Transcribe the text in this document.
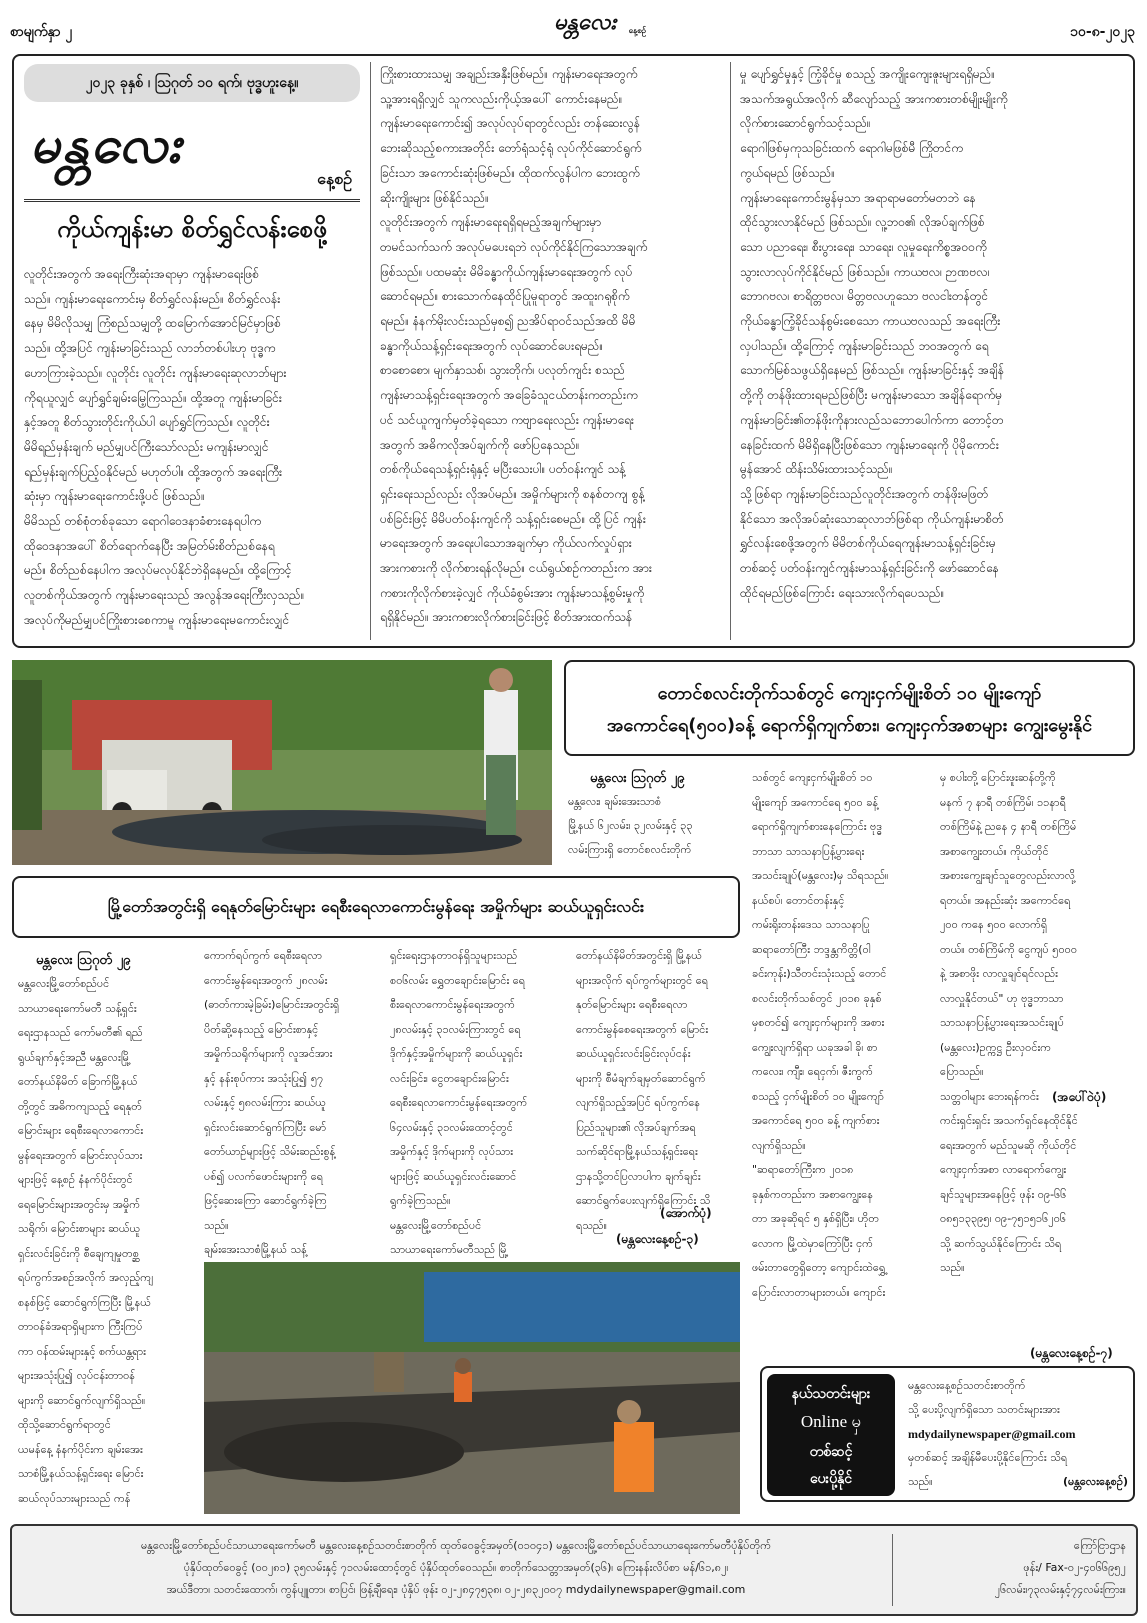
စာမျက်နှာ ၂	မန္တလေး နေ့စဉ်	၁၀-၈-၂၀၂၃
၂၀၂၃ ခုနှစ် ၊ ဩဂုတ် ၁၀ ရက်၊ ဗုဒ္ဓဟူးနေ့။
မန္တလေး
နေ့စဉ်
ကိုယ်ကျန်းမာ စိတ်ရွှင်လန်းစေဖို့

လူတိုင်းအတွက် အရေးကြီးဆုံးအရာမှာ ကျန်းမာရေးဖြစ်

သည်။ ကျန်းမာရေးကောင်းမှ စိတ်ရွှင်လန်းမည်။ စိတ်ရွှင်လန်း

နေမှ မိမိလိုသမျှ ကြံစည်သမျှတို့ ထမြောက်အောင်မြင်မှာဖြစ်

သည်။ ထို့အပြင် ကျန်းမာခြင်းသည် လာဘ်တစ်ပါးဟု ဗုဒ္ဓက

ဟောကြားခဲ့သည်။ လူတိုင်း လူတိုင်း ကျန်းမာရေးဆုလာဘ်များ

ကိုရယူလျှင် ပျော်ရွှင်ချမ်းမြေ့ကြသည်။ ထို့အတူ ကျန်းမာခြင်း

နှင့်အတူ စိတ်သွားတိုင်းကိုယ်ပါ ပျော်ရွှင်ကြသည်။ လူတိုင်း

မိမိရည်မှန်းချက် မည်မျှပင်ကြီးသော်လည်း မကျန်းမာလျှင်

ရည်မှန်းချက်ပြည့်ဝနိုင်မည် မဟုတ်ပါ။ ထို့အတွက် အရေးကြီး

ဆုံးမှာ ကျန်းမာရေးကောင်းဖို့ပင် ဖြစ်သည်။

မိမိသည် တစ်စုံတစ်ခုသော ရောဂါဝေဒနာခံစားနေရပါက

ထိုဝေဒနာအပေါ် စိတ်ရောက်နေပြီး အမြတ်မ်းစိတ်ညစ်နေရ

မည်။ စိတ်ညစ်နေပါက အလုပ်မလုပ်နိုင်ဘဲရှိနေမည်။ ထို့ကြောင့်

လူတစ်ကိုယ်အတွက် ကျန်းမာရေးသည် အလွန်အရေးကြီးလှသည်။

အလုပ်ကိုမည်မျှပင်ကြိုးစားစေကာမူ ကျန်းမာရေးမကောင်းလျှင်

ကြိုးစားထားသမျှ အချည်းအနှီးဖြစ်မည်။ ကျန်းမာရေးအတွက်

သူ့အားရရှိလျှင် သူကလည်းကိုယ့်အပေါ် ကောင်းနေမည်။

ကျန်းမာရေးကောင်း၍ အလုပ်လုပ်ရာတွင်လည်း တန်ဆေးလွန်

ဘေးဆိုသည့်စကားအတိုင်း တော်ရုံသင့်ရုံ လုပ်ကိုင်ဆောင်ရွက်

ခြင်းသာ အကောင်းဆုံးဖြစ်မည်။ ထိုထက်လွန်ပါက ဘေးထွက်

ဆိုးကျိုးများ ဖြစ်နိုင်သည်။

လူတိုင်းအတွက် ကျန်းမာရေးရရှိရမည့်အချက်များမှာ

တမင်သက်သက် အလုပ်မပေးရဘဲ လုပ်ကိုင်နိုင်ကြသောအချက်

ဖြစ်သည်။ ပထမဆုံး မိမိခန္ဓာကိုယ်ကျန်းမာရေးအတွက် လုပ်

ဆောင်ရမည်။ စားသောက်နေထိုင်ပြုမူရာတွင် အထူးဂရုစိုက်

ရမည်။ နံနက်မိုးလင်းသည်မှစ၍ ညအိပ်ရာဝင်သည်အထိ မိမိ

ခန္ဓာကိုယ်သန့်ရှင်းရေးအတွက် လုပ်ဆောင်ပေးရမည်။

စာစောစော၊ မျက်နှာသစ်၊ သွားတိုက်၊ ပလုတ်ကျင်း စသည်

ကျန်းမာသန့်ရှင်းရေးအတွက် အခြေခံသူငယ်တန်းကတည်းက

ပင် သင်ယူကျက်မှတ်ခဲ့ရသော ကဗျာရေးလည်း ကျန်းမာရေး

အတွက် အဓိကလိုအပ်ချက်ကို ဖော်ပြနေသည်။

တစ်ကိုယ်ရေသန့်ရှင်းရုံနှင့် မပြီးသေးပါ။ ပတ်ဝန်းကျင် သန့်

ရှင်းရေးသည်လည်း လိုအပ်မည်။ အမှိုက်များကို စနစ်တကျ စွန့်

ပစ်ခြင်းဖြင့် မိမိပတ်ဝန်းကျင်ကို သန့်ရှင်းစေမည်။ ထို့ပြင် ကျန်း

မာရေးအတွက် အရေးပါသောအချက်မှာ ကိုယ်လက်လှုပ်ရှား

အားကစားကို လိုက်စားရန်လိုမည်။ ငယ်ရွယ်စဉ်ကတည်းက အား

ကစားကိုလိုက်စားခဲ့လျှင် ကိုယ်ခံစွမ်းအား ကျန်းမာသန့်စွမ်းမှုကို

ရရှိနိုင်မည်။ အားကစားလိုက်စားခြင်းဖြင့် စိတ်အားထက်သန်

မှု ပျော်ရွှင်မှုနှင့် ကြံ့ခိုင်မှု စသည့် အကျိုးကျေးဇူးများရရှိမည်။

အသက်အရွယ်အလိုက် ဆီလျော်သည့် အားကစားတစ်မျိုးမျိုးကို

လိုက်စားဆောင်ရွက်သင့်သည်။

ရောဂါဖြစ်မှကုသခြင်းထက် ရောဂါမဖြစ်မီ ကြိုတင်က

ကွယ်ရမည် ဖြစ်သည်။

ကျန်းမာရေးကောင်းမွန်မှသာ အရာရာမတော်မတဘဲ နေ

ထိုင်သွားလာနိုင်မည် ဖြစ်သည်။ လူ့ဘဝ၏ လိုအပ်ချက်ဖြစ်

သော ပညာရေး၊ စီးပွားရေး၊ သာရေး၊ လူမှုရေးကိစ္စအဝဝကို

သွားလာလုပ်ကိုင်နိုင်မည် ဖြစ်သည်။ ကာယဗလ၊ ဉာဏဗလ၊

ဘောဂဗလ၊ စာရိတ္တဗလ၊ မိတ္တဗလဟူသော ဗလငါးတန်တွင်

ကိုယ်ခန္ဓာကြံ့ခိုင်သန်စွမ်းစေသော ကာယဗလသည် အရေးကြီး

လှပါသည်။ ထို့ကြောင့် ကျန်းမာခြင်းသည် ဘဝအတွက် ရေ

သောက်မြစ်သဖွယ်ရှိနေမည် ဖြစ်သည်။ ကျန်းမာခြင်းနှင့် အချိန်

တို့ကို တန်ဖိုးထားရမည်ဖြစ်ပြီး မကျန်းမာသော အချိန်ရောက်မှ

ကျန်းမာခြင်း၏တန်ဖိုးကိုနားလည်သဘောပေါက်ကာ တောင့်တ

နေခြင်းထက် မိမိရှိနေပြီးဖြစ်သော ကျန်းမာရေးကို ပိုမိုကောင်း

မွန်အောင် ထိန်းသိမ်းထားသင့်သည်။

သို့ဖြစ်ရာ ကျန်းမာခြင်းသည်လူတိုင်းအတွက် တန်ဖိုးမဖြတ်

နိုင်သော အလိုအပ်ဆုံးသောဆုလာဘ်ဖြစ်ရာ ကိုယ်ကျန်းမာစိတ်

ရွှင်လန်းစေဖို့အတွက် မိမိတစ်ကိုယ်ရေကျန်းမာသန့်ရှင်းခြင်းမှ

တစ်ဆင့် ပတ်ဝန်းကျင်ကျန်းမာသန့်ရှင်းခြင်းကို ဖော်ဆောင်နေ

ထိုင်ရမည်ဖြစ်ကြောင်း ရေးသားလိုက်ရပေသည်။

တောင်စလင်းတိုက်သစ်တွင် ကျေးငှက်မျိုးစိတ် ၁၀ မျိုးကျော်
အကောင်ရေ(၅၀၀)ခန့် ရောက်ရှိကျက်စား၊ ကျေးငှက်အစာများ ကျွေးမွေးနိုင်
မန္တလေး ဩဂုတ် ၂၉

မန္တလေး၊ ချမ်းအေးသာစံ

မြို့နယ် ၆၂လမ်း၊ ၃၂လမ်းနှင့် ၃၃

လမ်းကြားရှိ တောင်စလင်းတိုက်

သစ်တွင် ကျေးငှက်မျိုးစိတ် ၁၀

မျိုးကျော် အကောင်ရေ ၅၀၀ ခန့်

ရောက်ရှိကျက်စားနေကြောင်း ဗုဒ္ဓ

ဘာသာ သာသနာပြန့်ပွားရေး

အသင်းချုပ်(မန္တလေး)မှ သိရသည်။

နယ်စပ်၊ တောင်တန်းနှင့်

ကမ်းရိုးတန်းဒေသ သာသနာပြု

ဆရာတော်ကြီး ဘဒ္ဒန္တကိတ္တိ(ဝါ

ခင်းကုန်း)သီတင်းသုံးသည့် တောင်

စလင်းတိုက်သစ်တွင် ၂၀၁၈ ခုနှစ်

မှစတင်၍ ကျေးငှက်များကို အစား

ကျွေးလျက်ရှိရာ ယခုအခါ ခို၊ စာ

ကလေး၊ ကျီး၊ ရေငှက်၊ ဇီးကွက်

စသည့် ငှက်မျိုးစိတ် ၁၀ မျိုးကျော်

အကောင်ရေ ၅၀၀ ခန့် ကျက်စား

လျက်ရှိသည်။

"ဆရာတော်ကြီးက ၂၀၁၈

ခုနှစ်ကတည်းက အစာကျွေးနေ

တာ အခုဆိုရင် ၅ နှစ်ရှိပြီး၊ ဟိုတ

လောက မြို့ထဲမှာကြော်ပြီး ငှက်

ဖမ်းတာတွေရှိတော့ ကျောင်းထဲရွှေ့

ပြောင်းလာတာများတယ်။ ကျောင်း

မှ စပါးတို့ ပြောင်းဖူးဆန်တို့ကို

မနက် ၇ နာရီ တစ်ကြိမ်၊ ၁၁နာရီ

တစ်ကြိမ်နဲ့ ညနေ ၄ နာရီ တစ်ကြိမ်

အစာကျွေးတယ်။ ကိုယ်တိုင်

အစားကျွေးချင်သူတွေလည်းလာလို့

ရတယ်။ အနည်းဆုံး အကောင်ရေ

၂၀၀ ကနေ ၅၀၀ လောက်ရှိ

တယ်။ တစ်ကြိမ်ကို ငွေကျပ် ၅၀၀၀

နဲ့ အစာဖိုး လာလှူချင်ရင်လည်း

လာလှူနိုင်တယ်" ဟု ဗုဒ္ဓဘာသာ

သာသနာပြန့်ပွားရေးအသင်းချုပ်

(မန္တလေး)ဥက္ကဋ္ဌ ဦးလှဝင်းက

ပြောသည်။

သတ္တဝါများ ဘေးရန်ကင်း

ကင်းရှင်းရှင်း အသက်ရှင်နေထိုင်နိုင်

ရေးအတွက် မည်သူမဆို ကိုယ်တိုင်

ကျေးငှက်အစာ လာရောက်ကျွေး

ချင်သူများအနေဖြင့် ဖုန်း ၀၉-၆၆

၀၈၅၁၃၃၉၅၊ ၀၉-၇၅၁၅၁၆၂၀၆

သို့ ဆက်သွယ်နိုင်ကြောင်း သိရ

သည်။

(အပေါ်ဝဲပုံ)
(မန္တလေးနေ့စဉ်-၇)
မြို့တော်အတွင်းရှိ ရေနုတ်မြောင်းများ ရေစီးရေလာကောင်းမွန်ရေး အမှိုက်များ ဆယ်ယူရှင်းလင်း
မန္တလေး ဩဂုတ် ၂၉

မန္တလေးမြို့တော်စည်ပင်

သာယာရေးကော်မတီ သန့်ရှင်း

ရေးဌာနသည် ကော်မတီ၏ ရည်

ရွယ်ချက်နှင့်အညီ မန္တလေးမြို့

တော်နယ်နိမိတ် ခြောက်မြို့နယ်

တို့တွင် အဓိကကျသည့် ရေနုတ်

မြောင်းများ ရေစီးရေလာကောင်း

မွန်ရေးအတွက် မြောင်းလုပ်သား

များဖြင့် နေ့စဉ် နံနက်ပိုင်းတွင်

ရေမြောင်းများအတွင်းမှ အမှိုက်

သရိုက်၊ မြောင်းစာများ ဆယ်ယူ

ရှင်းလင်းခြင်းကို စီချေကျမှုတစ္ဆ

ရပ်ကွက်အစဉ်အလိုက် အလှည့်ကျ

စနစ်ဖြင့် ဆောင်ရွက်ကြပြီး မြို့နယ်

တာဝန်ခံအရာရှိများက ကြီးကြပ်

ကာ ဝန်ထမ်းများနှင့် စက်ယန္တရား

များအသုံးပြု၍ လုပ်ငန်းတာဝန်

များကို ဆောင်ရွက်လျက်ရှိသည်။

ထိုသို့ဆောင်ရွက်ရာတွင်

ယမန်နေ့ နံနက်ပိုင်းက ချမ်းအေး

သာစံမြို့နယ်သန့်ရှင်းရေး မြောင်း

ဆယ်လုပ်သားများသည် ကန်

ကောက်ရပ်ကွက် ရေစီးရေလာ

ကောင်းမွန်ရေးအတွက် ၂၈လမ်း

(ဓာတ်ကားမဲ့ခြမ်း)မြောင်းအတွင်းရှိ

ပိတ်ဆို့နေသည့် မြောင်းစာနှင့်

အမှိုက်သရိုက်များကို လူအင်အား

နှင့် နန်းစုပ်ကား အသုံးပြု၍ ၅၇

လမ်းနှင့် ၅၈လမ်းကြား ဆယ်ယူ

ရှင်းလင်းဆောင်ရွက်ကြပြီး မော်

တော်ယာဉ်များဖြင့် သိမ်းဆည်းစွန့်

ပစ်၍ ပလက်ဖောင်းများကို ရေ

ဖြင့်ဆေးကြော ဆောင်ရွက်ခဲ့ကြ

သည်။

ချမ်းအေးသာစံမြို့နယ် သန့်

ရှင်းရေးဌာနတာဝန်ရှိသူများသည်

စဝ၆လမ်း ရွှေတချောင်းမြောင်း ရေ

စီးရေလာကောင်းမွန်ရေးအတွက်

၂၈လမ်းနှင့် ၃၁လမ်းကြားတွင် ရေ

ဒိုက်နှင့်အမှိုက်များကို ဆယ်ယူရှင်း

လင်းခြင်း၊ ငွေတချောင်းမြောင်း

ရေစီးရေလာကောင်းမွန်ရေးအတွက်

၆၄လမ်းနှင့် ၃၁လမ်းထောင့်တွင်

အမှိုက်နှင့် ဒိုက်များကို လုပ်သား

များဖြင့် ဆယ်ယူရှင်းလင်းဆောင်

ရွက်ခဲ့ကြသည်။

မန္တလေးမြို့တော်စည်ပင်

သာယာရေးကော်မတီသည် မြို့

တော်နယ်နိမိတ်အတွင်းရှိ မြို့နယ်

များအလိုက် ရပ်ကွက်များတွင် ရေ

နုတ်မြောင်းများ ရေစီးရေလာ

ကောင်းမွန်စေရေးအတွက် မြောင်း

ဆယ်ယူရှင်းလင်းခြင်းလုပ်ငန်း

များကို စီမံချက်ချမှတ်ဆောင်ရွက်

လျက်ရှိသည့်အပြင် ရပ်ကွက်နေ

ပြည်သူများ၏ လိုအပ်ချက်အရ

သက်ဆိုင်ရာမြို့နယ်သန့်ရှင်းရေး

ဌာနသို့တင်ပြလာပါက ချက်ချင်း

ဆောင်ရွက်ပေးလျက်ရှိကြောင်း သိ

ရသည်။

(အောက်ပုံ)
(မန္တလေးနေ့စဉ်-၃)
နယ်သတင်းများ
Online မှ
တစ်ဆင့်
ပေးပို့နိုင်
မန္တလေးနေ့စဉ်သတင်းစာတိုက်
သို့ ပေးပို့လျက်ရှိသော သတင်းများအား
mdydailynewspaper@gmail.com
မှတစ်ဆင့် အချိန်မီပေးပို့နိုင်ကြောင်း သိရ
သည်။	(မန္တလေးနေ့စဉ်)
မန္တလေးမြို့တော်စည်ပင်သာယာရေးကော်မတီ မန္တလေးနေ့စဉ်သတင်းစာတိုက် ထုတ်ဝေခွင့်အမှတ်(၀၁၀၄၁) မန္တလေးမြို့တော်စည်ပင်သာယာရေးကော်မတီပုံနှိပ်တိုက်
ပုံနှိပ်ထုတ်ဝေခွင့် (၀၀၂၈၁) ၃၅လမ်းနှင့် ၇၁လမ်းထောင့်တွင် ပုံနှိပ်ထုတ်ဝေသည်။ စာတိုက်သေတ္တာအမှတ်(၃၆)၊ ကြေးနန်းလိပ်စာ မန်/၆၁,၈၂၊
အယ်ဒီတာ၊ သတင်းထောက်၊ ကွန်ပျူတာ၊ စာပြင်၊ ဖြန့်ချီရေး၊ ပုံနှိပ် ဖုန်း ၀၂-၂၈၄၇၅၃၈၊ ၀၂-၂၈၃၂၀၀၇ mdydailynewspaper@gmail.com
ကြော်ငြာဌာန
ဖုန်း/ Fax-၀၂-၄၀၆၆၉၅၂
၂၆လမ်း၊၇၃လမ်းနှင့်၇၄လမ်းကြား။
